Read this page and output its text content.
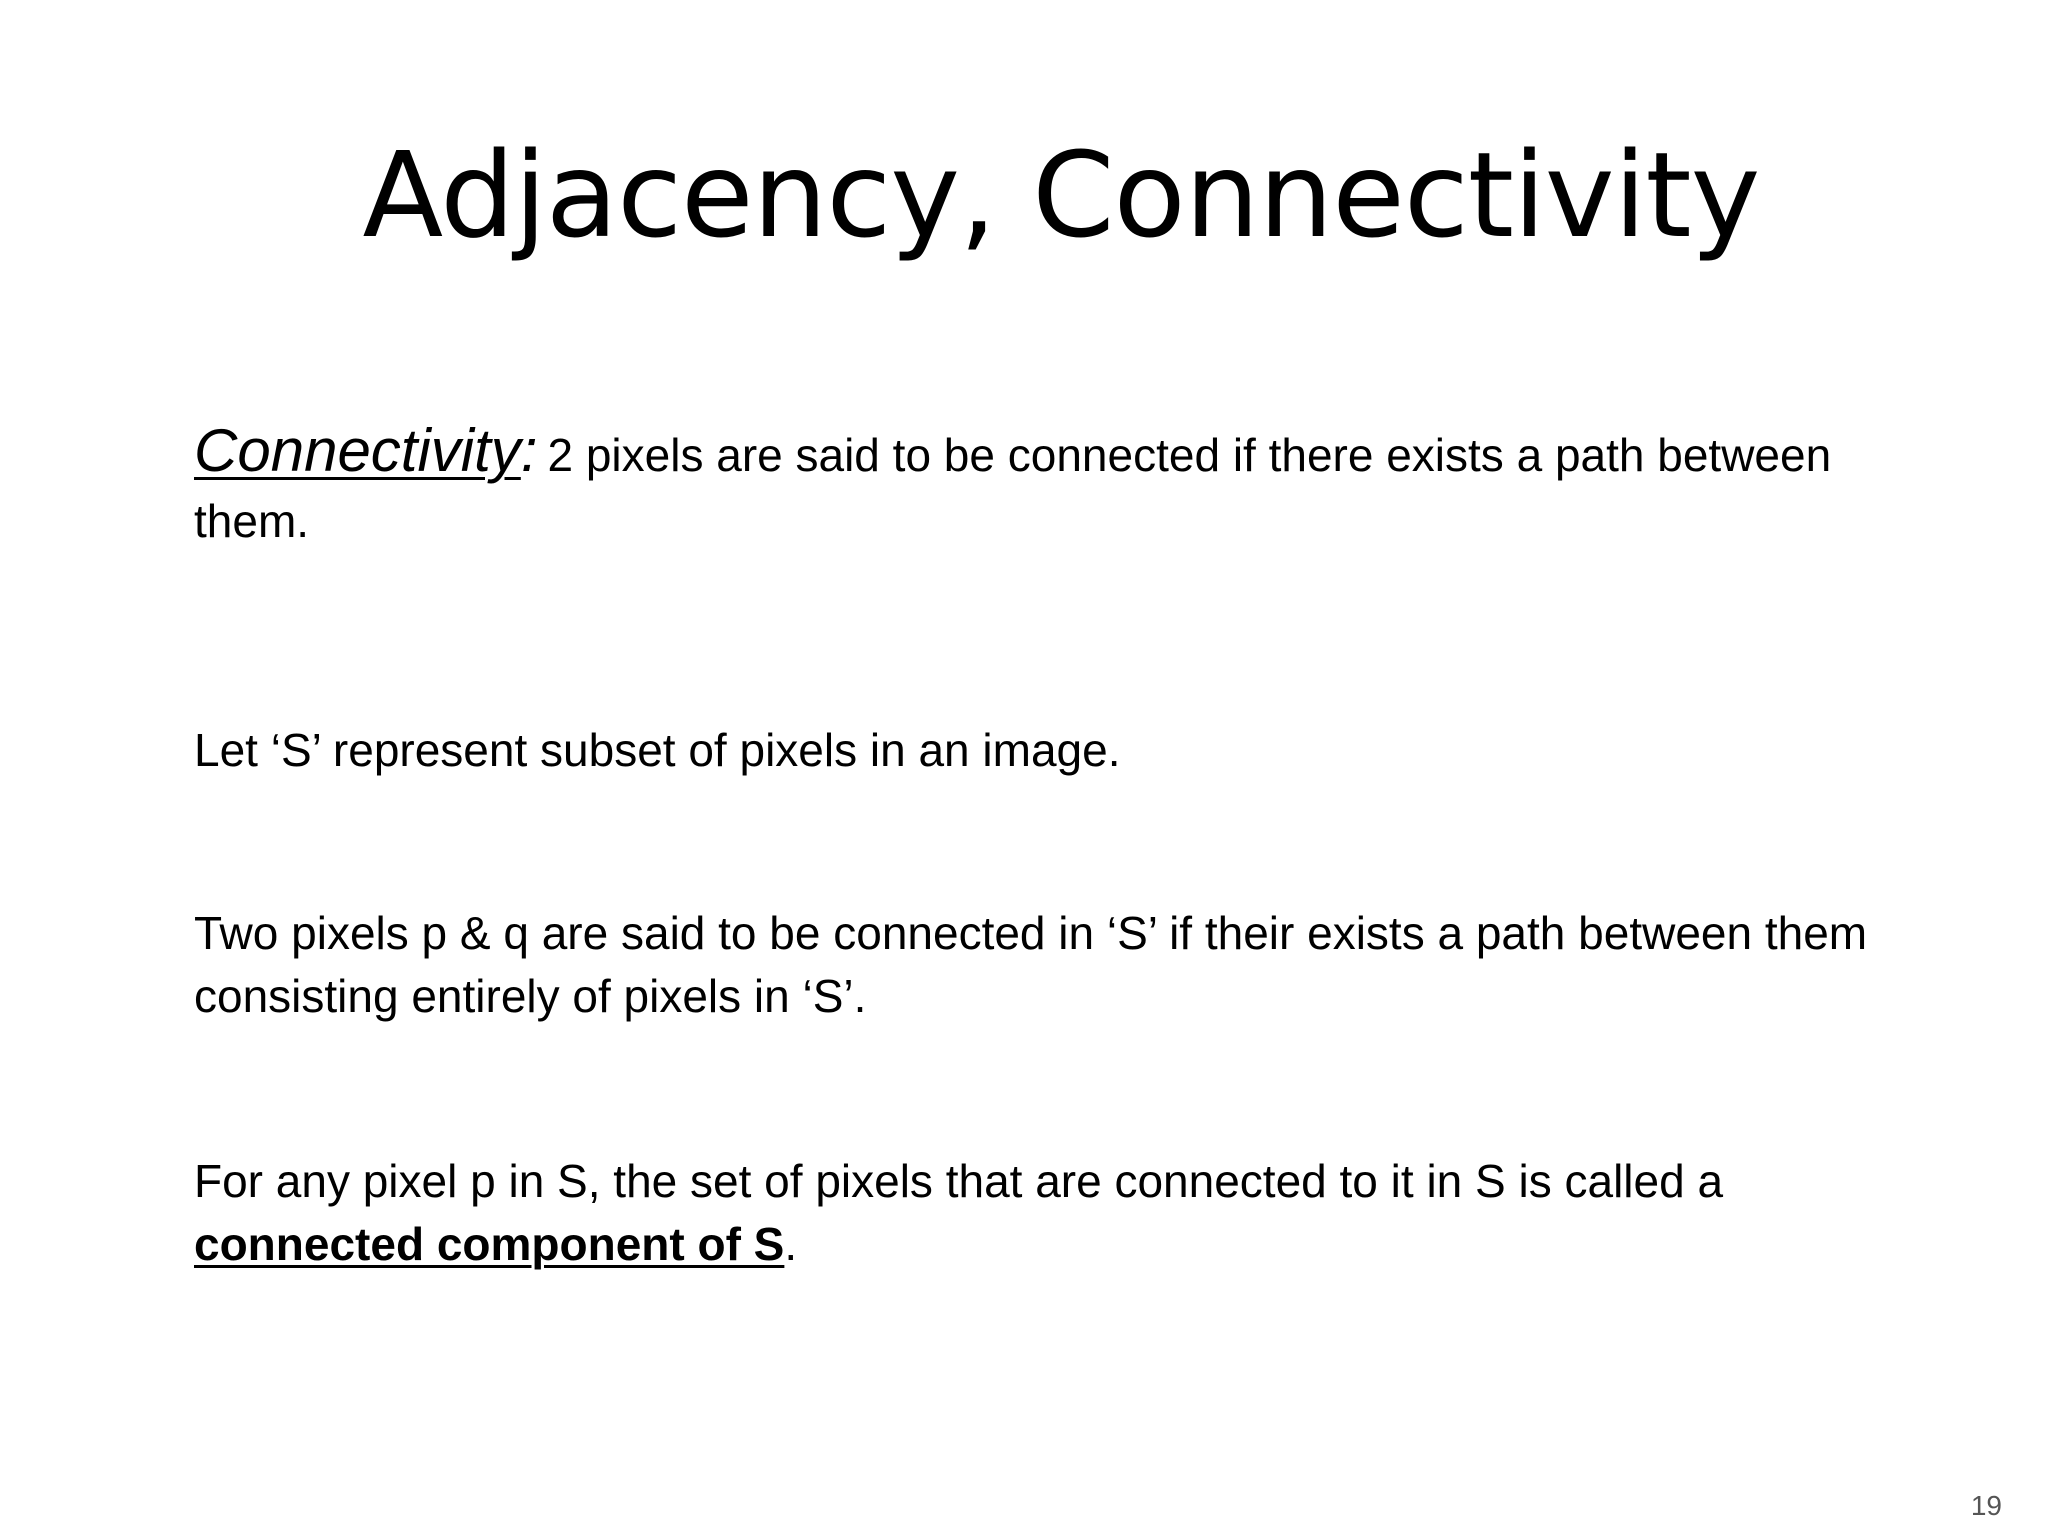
Adjacency, Connectivity

Connectivity: 2 pixels are said to be connected if there exists a path between them.

Let ‘S’ represent subset of pixels in an image.

Two pixels p & q are said to be connected in ‘S’ if their exists a path between them consisting entirely of pixels in ‘S’.

For any pixel p in S, the set of pixels that are connected to it in S is called a
connected component of S.

19
